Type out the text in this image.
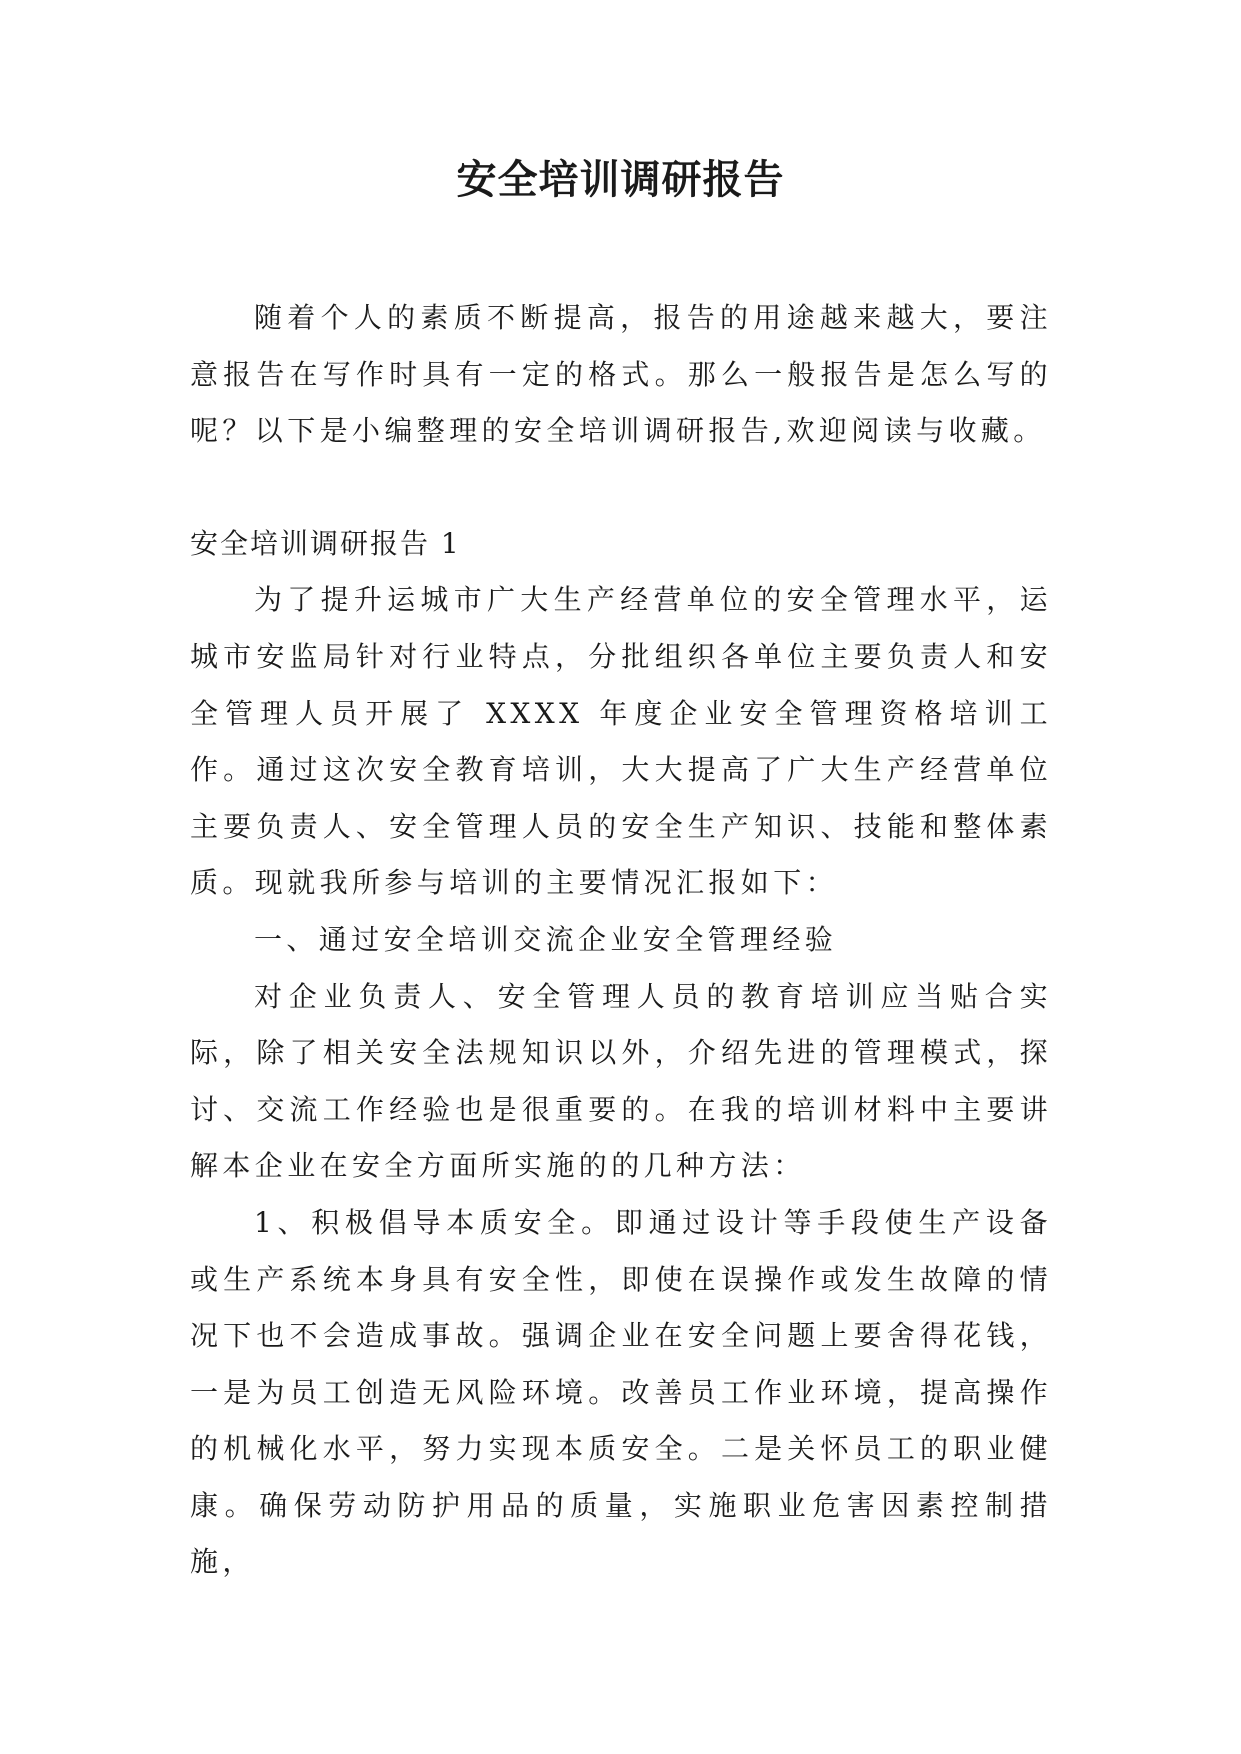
安全培训调研报告

随着个人的素质不断提高，报告的用途越来越大，要注意报告在写作时具有一定的格式。那么一般报告是怎么写的呢？以下是小编整理的安全培训调研报告,欢迎阅读与收藏。

安全培训调研报告 1

为了提升运城市广大生产经营单位的安全管理水平，运城市安监局针对行业特点，分批组织各单位主要负责人和安全管理人员开展了 XXXX 年度企业安全管理资格培训工作。通过这次安全教育培训，大大提高了广大生产经营单位主要负责人、安全管理人员的安全生产知识、技能和整体素质。现就我所参与培训的主要情况汇报如下：

一、通过安全培训交流企业安全管理经验

对企业负责人、安全管理人员的教育培训应当贴合实际，除了相关安全法规知识以外，介绍先进的管理模式，探讨、交流工作经验也是很重要的。在我的培训材料中主要讲解本企业在安全方面所实施的的几种方法：

1、积极倡导本质安全。即通过设计等手段使生产设备或生产系统本身具有安全性，即使在误操作或发生故障的情况下也不会造成事故。强调企业在安全问题上要舍得花钱，一是为员工创造无风险环境。改善员工作业环境，提高操作的机械化水平，努力实现本质安全。二是关怀员工的职业健康。确保劳动防护用品的质量，实施职业危害因素控制措施，
